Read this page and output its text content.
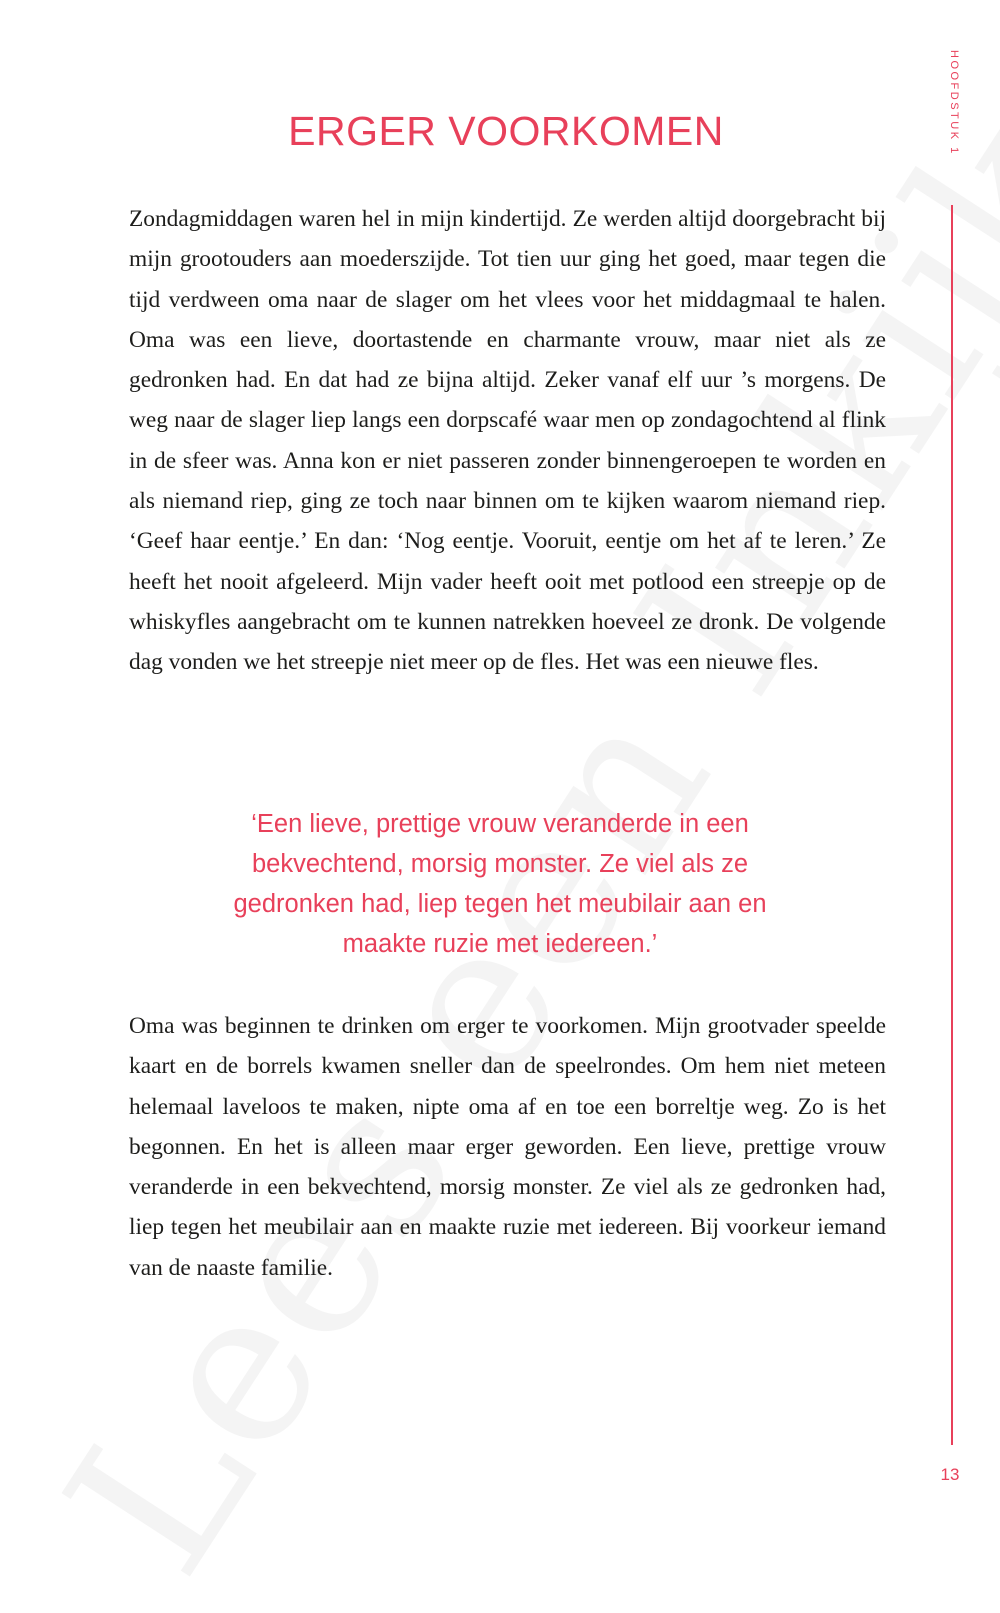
HOOFDSTUK 1
ERGER VOORKOMEN

Zondagmiddagen waren hel in mijn kindertijd. Ze werden altijd doorgebracht bij mijn grootouders aan moederszijde. Tot tien uur ging het goed, maar tegen die tijd verdween oma naar de slager om het vlees voor het middagmaal te halen. Oma was een lieve, doortastende en charmante vrouw, maar niet als ze gedronken had. En dat had ze bijna altijd. Zeker vanaf elf uur ’s morgens. De weg naar de slager liep langs een dorpscafé waar men op zondagochtend al flink in de sfeer was. Anna kon er niet passeren zonder binnengeroepen te worden en als niemand riep, ging ze toch naar binnen om te kijken waarom niemand riep. ‘Geef haar eentje.’ En dan: ‘Nog eentje. Vooruit, eentje om het af te leren.’ Ze heeft het nooit afgeleerd. Mijn vader heeft ooit met potlood een streepje op de whiskyfles aangebracht om te kunnen natrekken hoeveel ze dronk. De volgende dag vonden we het streepje niet meer op de fles. Het was een nieuwe fles.

‘Een lieve, prettige vrouw veranderde in een bekvechtend, morsig monster. Ze viel als ze gedronken had, liep tegen het meubilair aan en maakte ruzie met iedereen.’

Oma was beginnen te drinken om erger te voorkomen. Mijn grootvader speelde kaart en de borrels kwamen sneller dan de speelrondes. Om hem niet meteen helemaal laveloos te maken, nipte oma af en toe een borreltje weg. Zo is het begonnen. En het is alleen maar erger geworden. Een lieve, prettige vrouw veranderde in een bekvechtend, morsig monster. Ze viel als ze gedronken had, liep tegen het meubilair aan en maakte ruzie met iedereen. Bij voorkeur iemand van de naaste familie.

13
